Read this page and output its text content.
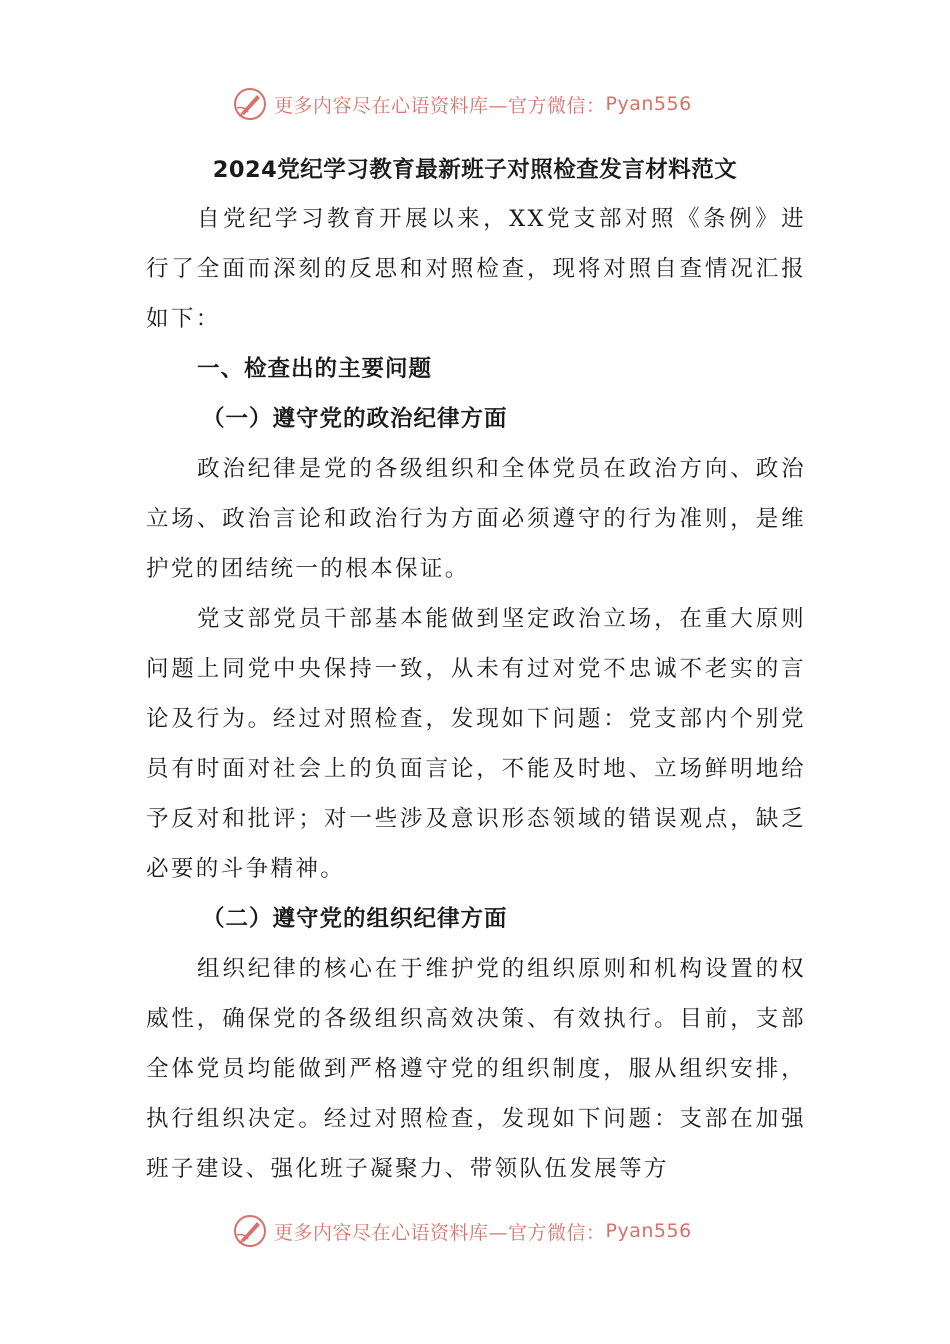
更多内容尽在心语资料库—官方微信： Pyan556
2024党纪学习教育最新班子对照检查发言材料范文

自党纪学习教育开展以来，XX党支部对照《条例》进行了全面而深刻的反思和对照检查，现将对照自查情况汇报如下：

一、检查出的主要问题
（一）遵守党的政治纪律方面

政治纪律是党的各级组织和全体党员在政治方向、政治立场、政治言论和政治行为方面必须遵守的行为准则，是维护党的团结统一的根本保证。

党支部党员干部基本能做到坚定政治立场，在重大原则问题上同党中央保持一致，从未有过对党不忠诚不老实的言论及行为。经过对照检查，发现如下问题：党支部内个别党员有时面对社会上的负面言论，不能及时地、立场鲜明地给予反对和批评；对一些涉及意识形态领域的错误观点，缺乏必要的斗争精神。

（二）遵守党的组织纪律方面

组织纪律的核心在于维护党的组织原则和机构设置的权威性，确保党的各级组织高效决策、有效执行。目前，支部全体党员均能做到严格遵守党的组织制度，服从组织安排，执行组织决定。经过对照检查，发现如下问题：支部在加强班子建设、强化班子凝聚力、带领队伍发展等方

更多内容尽在心语资料库—官方微信： Pyan556
